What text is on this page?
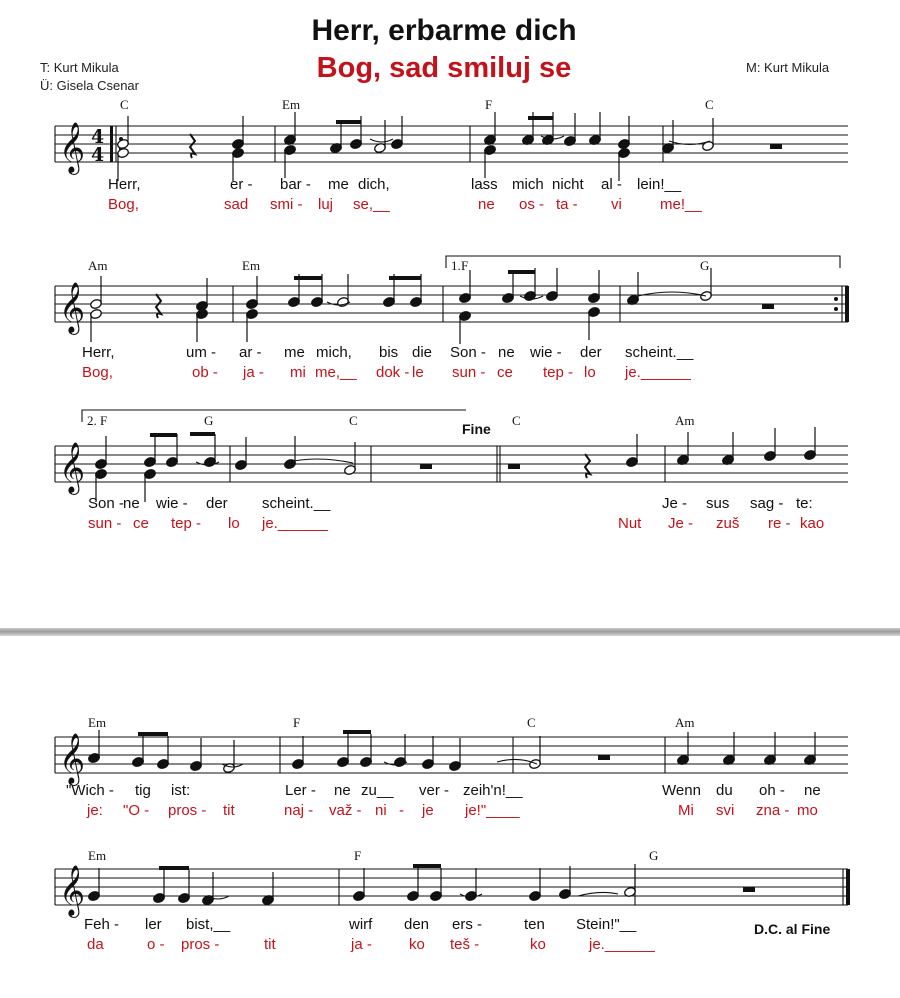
Herr, erbarme dich
Bog, sad smiluj se
T: Kurt Mikula
Ü: Gisela Csenar
M: Kurt Mikula
C	Em	F	C
Am	Em	F	G
1.
F	G	C	C	Am
2.
Fine
Herr,	er - bar - me dich,	lass mich nicht al - lein!__
Bog,	sad smi - luj se,__	ne os - ta - vi	me!__
Herr,	um - ar - me mich, bis die Son - ne wie - der scheint.__
Bog,	ob - ja - mi me,__ dok - le sun - ce tep - lo je.______
Son - ne wie - der scheint.__	Je - sus sag - te:
sun - ce tep - lo je.______	Nut Je - zuš re - kao
𝄞 4
4
𝄞
𝄞
Em	F	C	Am
Em	F	G
D.C. al Fine
"Wich - tig ist:	Ler - ne zu__ ver - zeih'n!__	Wenn du oh - ne
je: "O - pros - tit	naj - važ - ni - je je!"____	Mi svi zna - mo
Feh - ler bist,__	wirf den ers -	ten Stein!"__
da	o - pros -	tit	ja - ko teš -	ko	je.______
𝄞
𝄞
